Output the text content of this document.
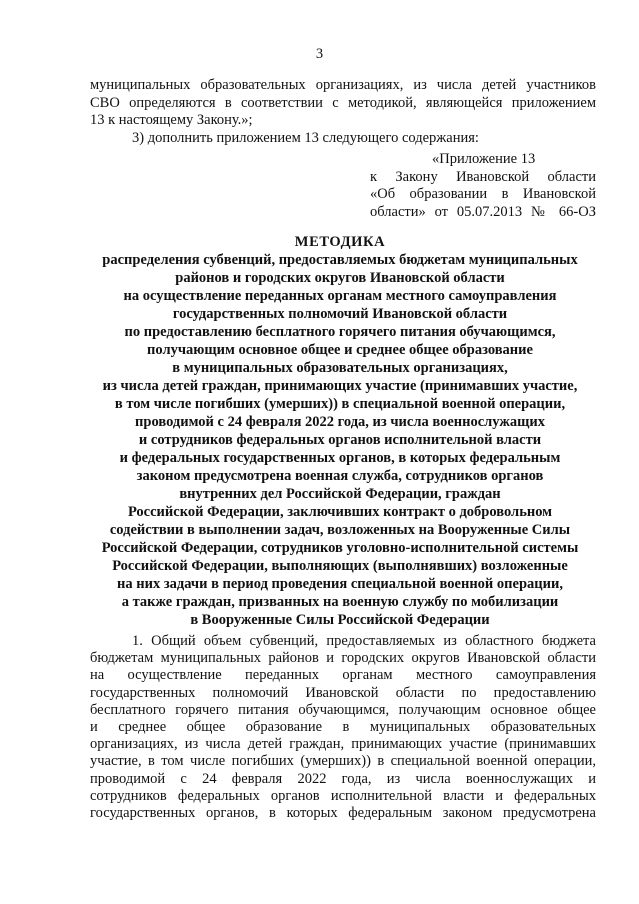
3
муниципальных образовательных организациях, из числа детей участников
СВО определяются в соответствии с методикой, являющейся приложением
13 к настоящему Закону.»;
3) дополнить приложением 13 следующего содержания:
«Приложение 13
к Закону Ивановской области
«Об образовании в Ивановской
области» от 05.07.2013 № 66-ОЗ
МЕТОДИКА
распределения субвенций, предоставляемых бюджетам муниципальных
районов и городских округов Ивановской области
на осуществление переданных органам местного самоуправления
государственных полномочий Ивановской области
по предоставлению бесплатного горячего питания обучающимся,
получающим основное общее и среднее общее образование
в муниципальных образовательных организациях,
из числа детей граждан, принимающих участие (принимавших участие,
в том числе погибших (умерших)) в специальной военной операции,
проводимой с 24 февраля 2022 года, из числа военнослужащих
и сотрудников федеральных органов исполнительной власти
и федеральных государственных органов, в которых федеральным
законом предусмотрена военная служба, сотрудников органов
внутренних дел Российской Федерации, граждан
Российской Федерации, заключивших контракт о добровольном
содействии в выполнении задач, возложенных на Вооруженные Силы
Российской Федерации, сотрудников уголовно-исполнительной системы
Российской Федерации, выполняющих (выполнявших) возложенные
на них задачи в период проведения специальной военной операции,
а также граждан, призванных на военную службу по мобилизации
в Вооруженные Силы Российской Федерации
1. Общий объем субвенций, предоставляемых из областного бюджета
бюджетам муниципальных районов и городских округов Ивановской области
на осуществление переданных органам местного самоуправления
государственных полномочий Ивановской области по предоставлению
бесплатного горячего питания обучающимся, получающим основное общее
и среднее общее образование в муниципальных образовательных
организациях, из числа детей граждан, принимающих участие (принимавших
участие, в том числе погибших (умерших)) в специальной военной операции,
проводимой с 24 февраля 2022 года, из числа военнослужащих и
сотрудников федеральных органов исполнительной власти и федеральных
государственных органов, в которых федеральным законом предусмотрена
